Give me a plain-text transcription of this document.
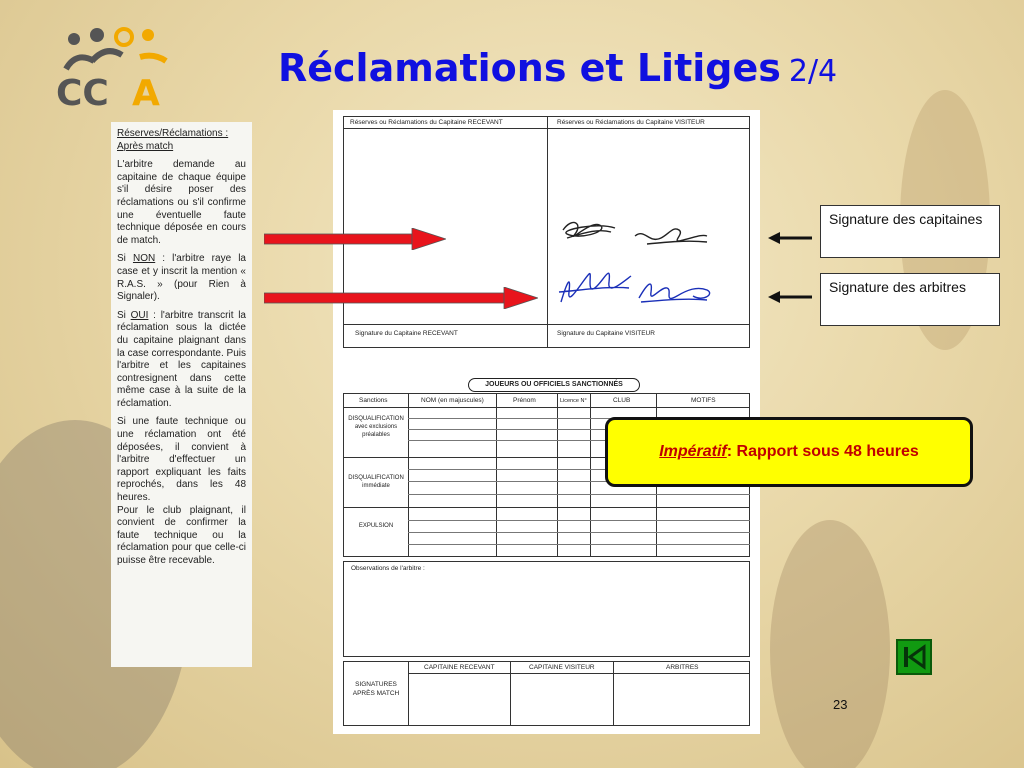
CC A
Réclamations et Litiges 2/4
Réserves/Réclamations : Après match

L'arbitre demande au capitaine de chaque équipe s'il désire poser des réclamations ou s'il confirme une éventuelle faute technique déposée en cours de match.

Si NON : l'arbitre raye la case et y inscrit la mention « R.A.S. » (pour Rien à Signaler).

Si OUI : l'arbitre transcrit la réclamation sous la dictée du capitaine plaignant dans la case correspondante. Puis l'arbitre et les capitaines contresignent dans cette même case à la suite de la réclamation.

Si une faute technique ou une réclamation ont été déposées, il convient à l'arbitre d'effectuer un rapport expliquant les faits reprochés, dans les 48 heures.

Pour le club plaignant, il convient de confirmer la faute technique ou la réclamation pour que celle-ci puisse être recevable.

Réserves ou Réclamations du Capitaine RECEVANT	Réserves ou Réclamations du Capitaine VISITEUR
Signature du Capitaine RECEVANT	Signature du Capitaine VISITEUR
JOUEURS OU OFFICIELS SANCTIONNÉS
Sanctions	NOM (en majuscules)	Prénom	Licence N°	CLUB	MOTIFS
DISQUALIFICATION avec exclusions préalables
DISQUALIFICATION immédiate
EXPULSION
Observations de l'arbitre :
CAPITAINE RECEVANT	CAPITAINE VISITEUR	ARBITRES
SIGNATURES APRÈS MATCH
Signature des capitaines
Signature des arbitres
Impératif : Rapport sous 48 heures
23
